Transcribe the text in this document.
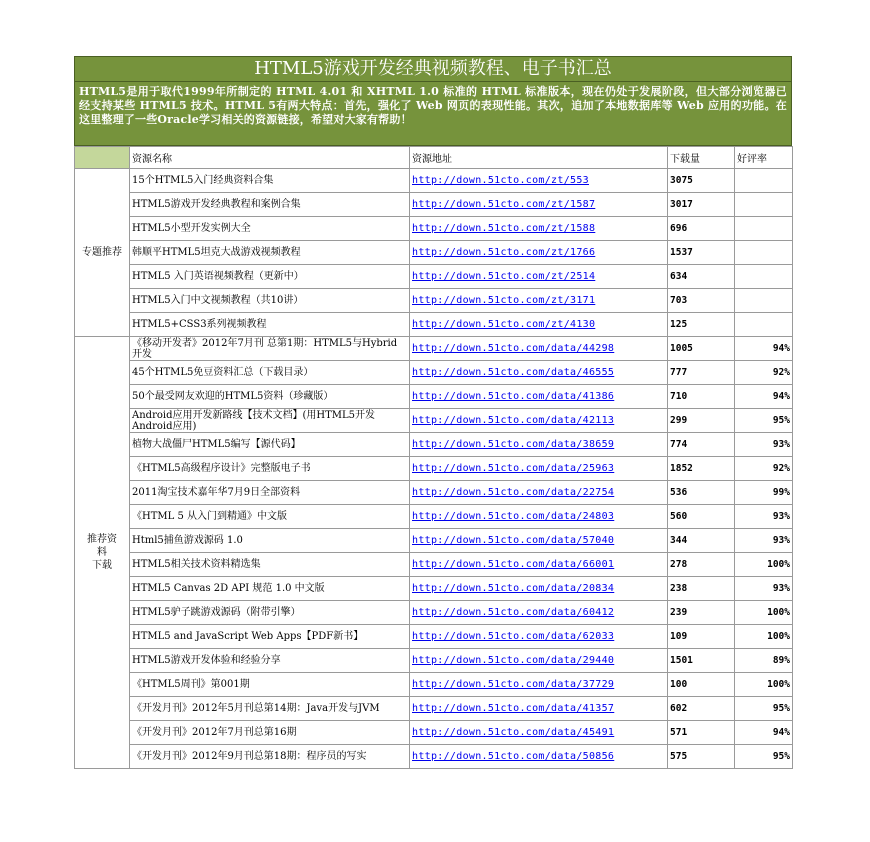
HTML5游戏开发经典视频教程、电子书汇总
HTML5是用于取代1999年所制定的 HTML 4.01 和 XHTML 1.0 标准的 HTML 标准版本，现在仍处于发展阶段，但大部分浏览器已经支持某些 HTML5 技术。HTML 5有两大特点：首先，强化了 Web 网页的表现性能。其次，追加了本地数据库等 Web 应用的功能。在这里整理了一些Oracle学习相关的资源链接，希望对大家有帮助！
	资源名称	资源地址	下载量	好评率
专题推荐	15个HTML5入门经典资料合集	http://down.51cto.com/zt/553	3075	
	HTML5游戏开发经典教程和案例合集	http://down.51cto.com/zt/1587	3017	
	HTML5小型开发实例大全	http://down.51cto.com/zt/1588	696	
	韩顺平HTML5坦克大战游戏视频教程	http://down.51cto.com/zt/1766	1537	
	HTML5 入门英语视频教程（更新中）	http://down.51cto.com/zt/2514	634	
	HTML5入门中文视频教程（共10讲）	http://down.51cto.com/zt/3171	703	
	HTML5+CSS3系列视频教程	http://down.51cto.com/zt/4130	125	

推荐资
料
下载	《移动开发者》2012年7月刊 总第1期：HTML5与Hybrid开发	http://down.51cto.com/data/44298	1005	94%
	45个HTML5免豆资料汇总（下载目录）	http://down.51cto.com/data/46555	777	92%
	50个最受网友欢迎的HTML5资料（珍藏版）	http://down.51cto.com/data/41386	710	94%
	Android应用开发新路线【技术文档】(用HTML5开发Android应用)	http://down.51cto.com/data/42113	299	95%
	植物大战僵尸HTML5编写【源代码】	http://down.51cto.com/data/38659	774	93%
	《HTML5高级程序设计》完整版电子书	http://down.51cto.com/data/25963	1852	92%
	2011淘宝技术嘉年华7月9日全部资料	http://down.51cto.com/data/22754	536	99%
	《HTML 5 从入门到精通》中文版	http://down.51cto.com/data/24803	560	93%
	Html5捕鱼游戏源码 1.0	http://down.51cto.com/data/57040	344	93%
	HTML5相关技术资料精选集	http://down.51cto.com/data/66001	278	100%
	HTML5 Canvas 2D API 规范 1.0 中文版	http://down.51cto.com/data/20834	238	93%
	HTML5驴子跳游戏源码（附带引擎）	http://down.51cto.com/data/60412	239	100%
	HTML5 and JavaScript Web Apps【PDF新书】	http://down.51cto.com/data/62033	109	100%
	HTML5游戏开发体验和经验分享	http://down.51cto.com/data/29440	1501	89%
	《HTML5周刊》第001期	http://down.51cto.com/data/37729	100	100%
	《开发月刊》2012年5月刊总第14期：Java开发与JVM	http://down.51cto.com/data/41357	602	95%
	《开发月刊》2012年7月刊总第16期	http://down.51cto.com/data/45491	571	94%
	《开发月刊》2012年9月刊总第18期：程序员的写实	http://down.51cto.com/data/50856	575	95%
